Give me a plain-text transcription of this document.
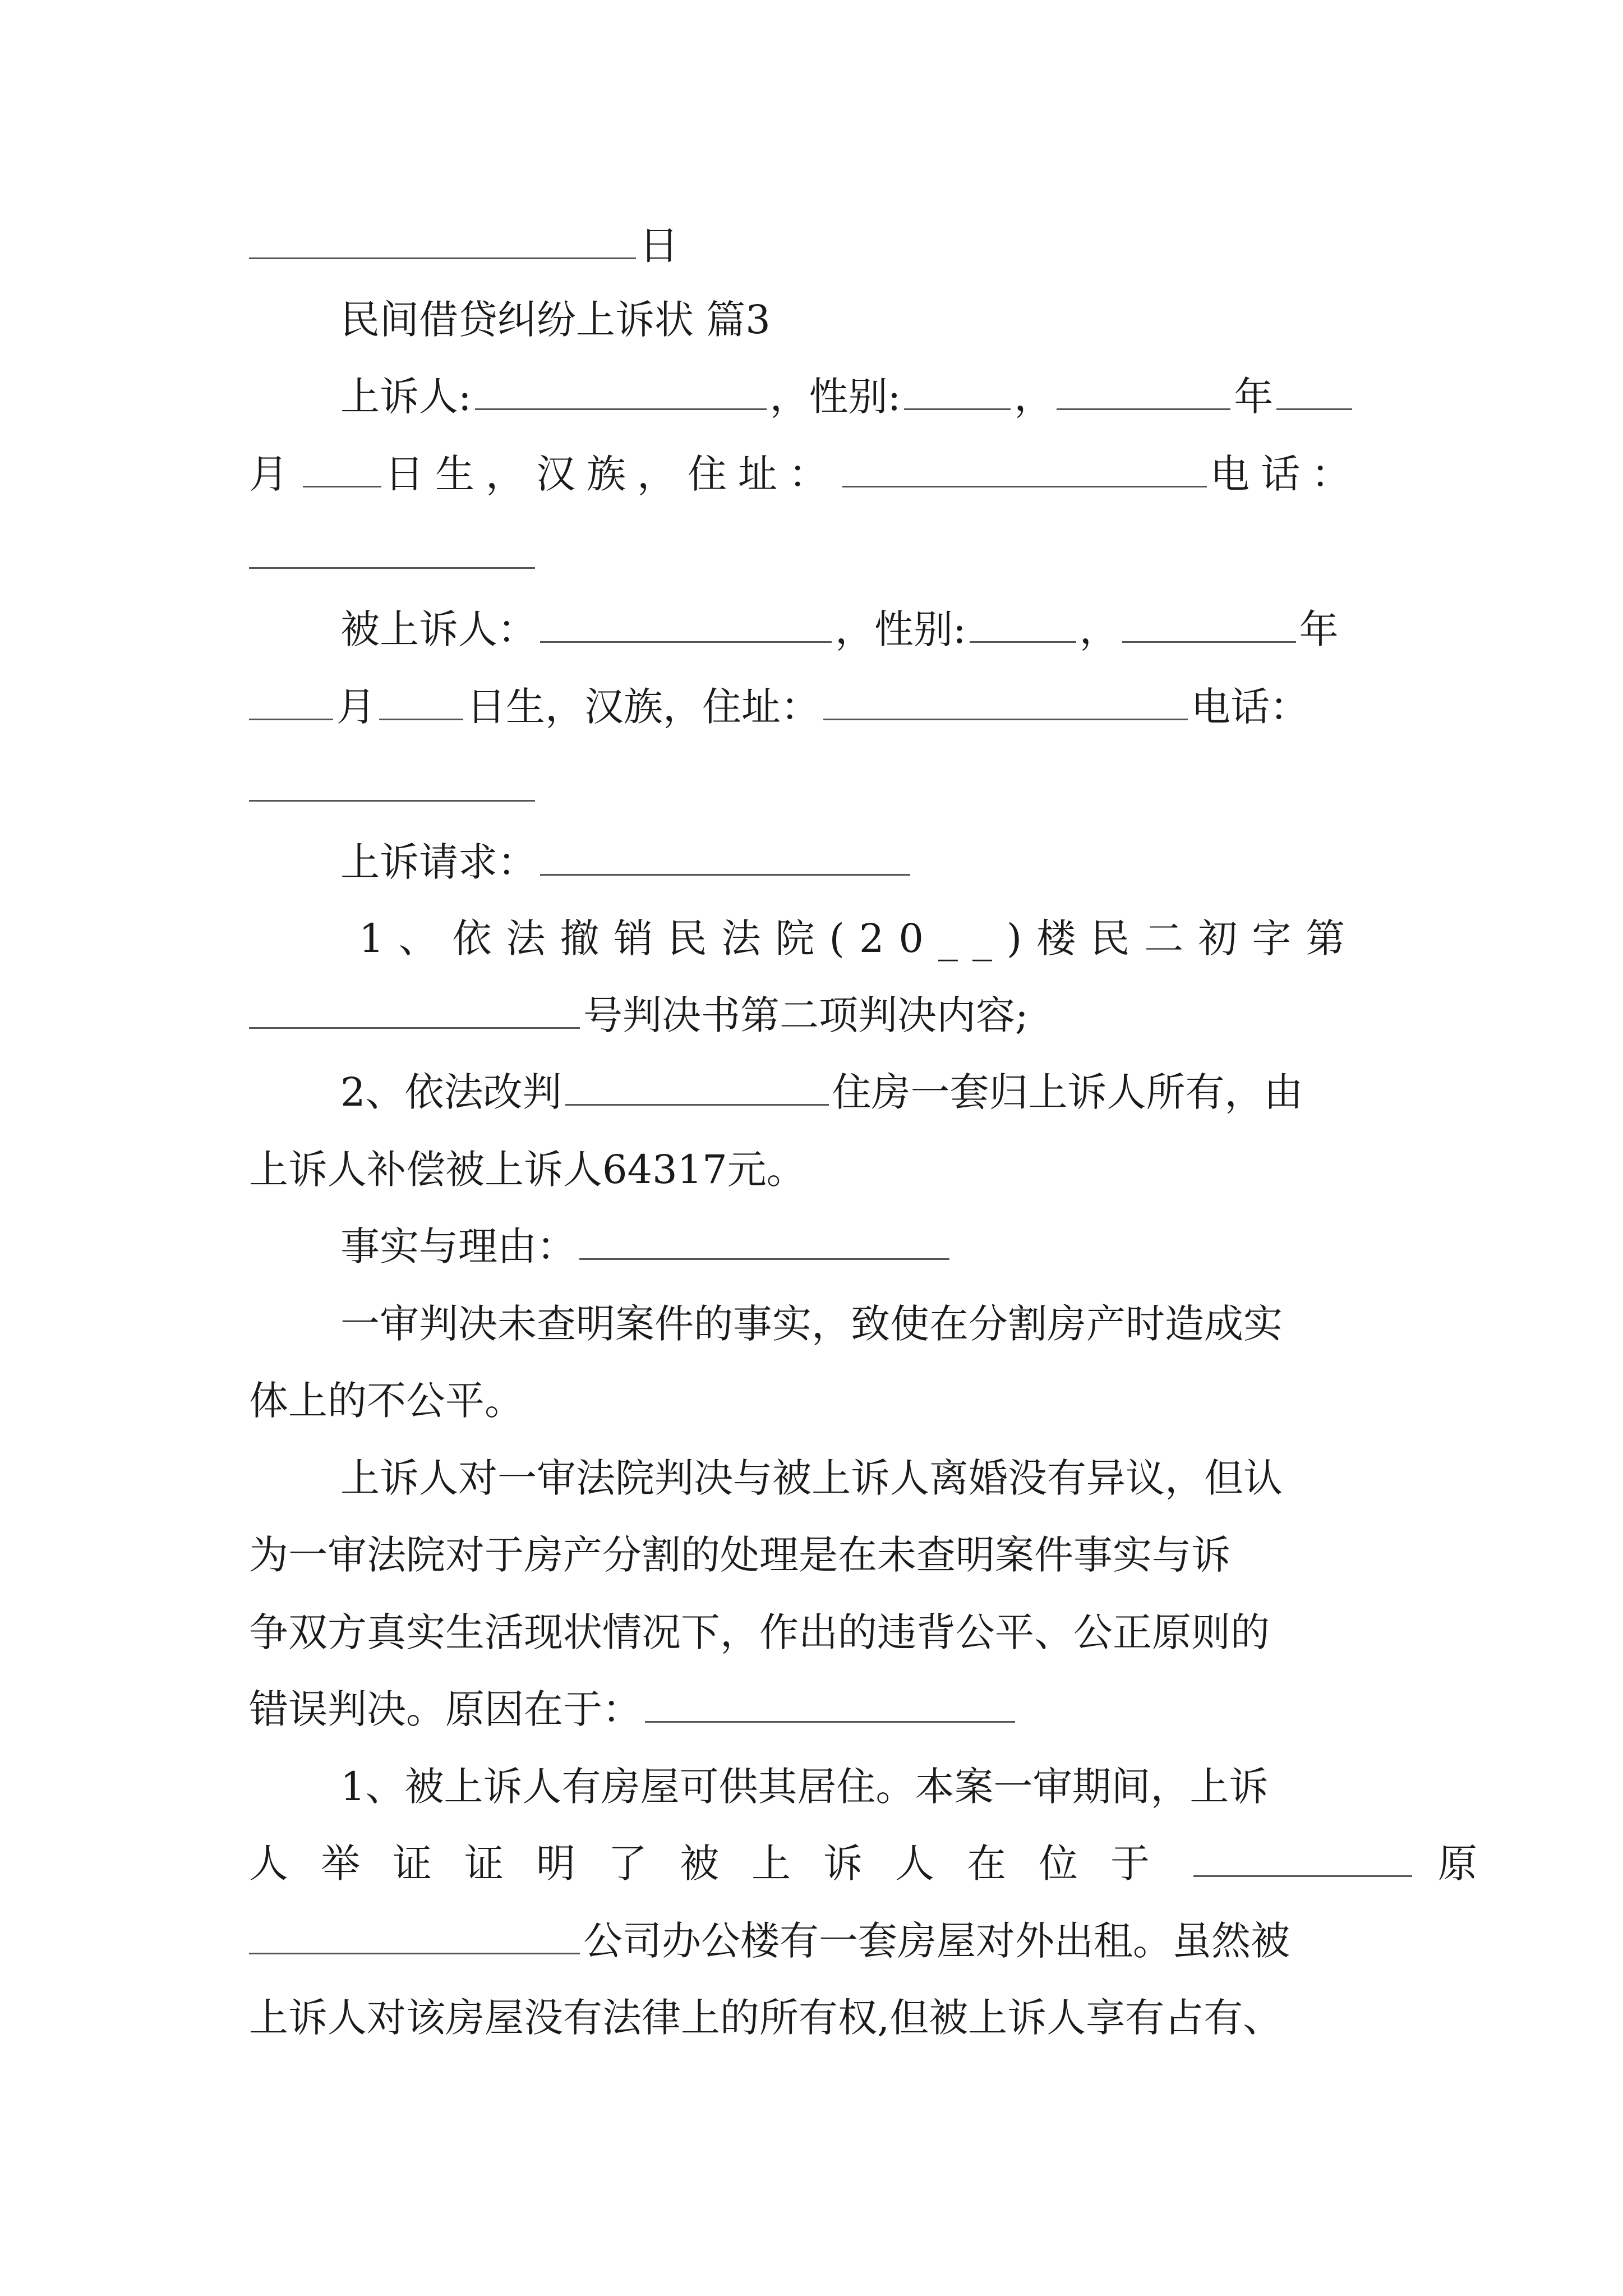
日
民间借贷纠纷上诉状 篇3
上诉人:	，性别:	，	年
月 日生，汉族，住址：	电话：
被上诉人：	，性别:	，	年
月 日生，汉族，住址：	电话：
上诉请求：
1、依法撤销民法院(20__)楼民二初字第
号判决书第二项判决内容;
2、依法改判	住房一套归上诉人所有，由
上诉人补偿被上诉人64317元。
事实与理由：
一审判决未查明案件的事实，致使在分割房产时造成实
体上的不公平。
上诉人对一审法院判决与被上诉人离婚没有异议，但认
为一审法院对于房产分割的处理是在未查明案件事实与诉
争双方真实生活现状情况下，作出的违背公平、公正原则的
错误判决。原因在于：
1、被上诉人有房屋可供其居住。本案一审期间，上诉
人举证证明了被上诉人在位于	原
公司办公楼有一套房屋对外出租。虽然被
上诉人对该房屋没有法律上的所有权,但被上诉人享有占有、
